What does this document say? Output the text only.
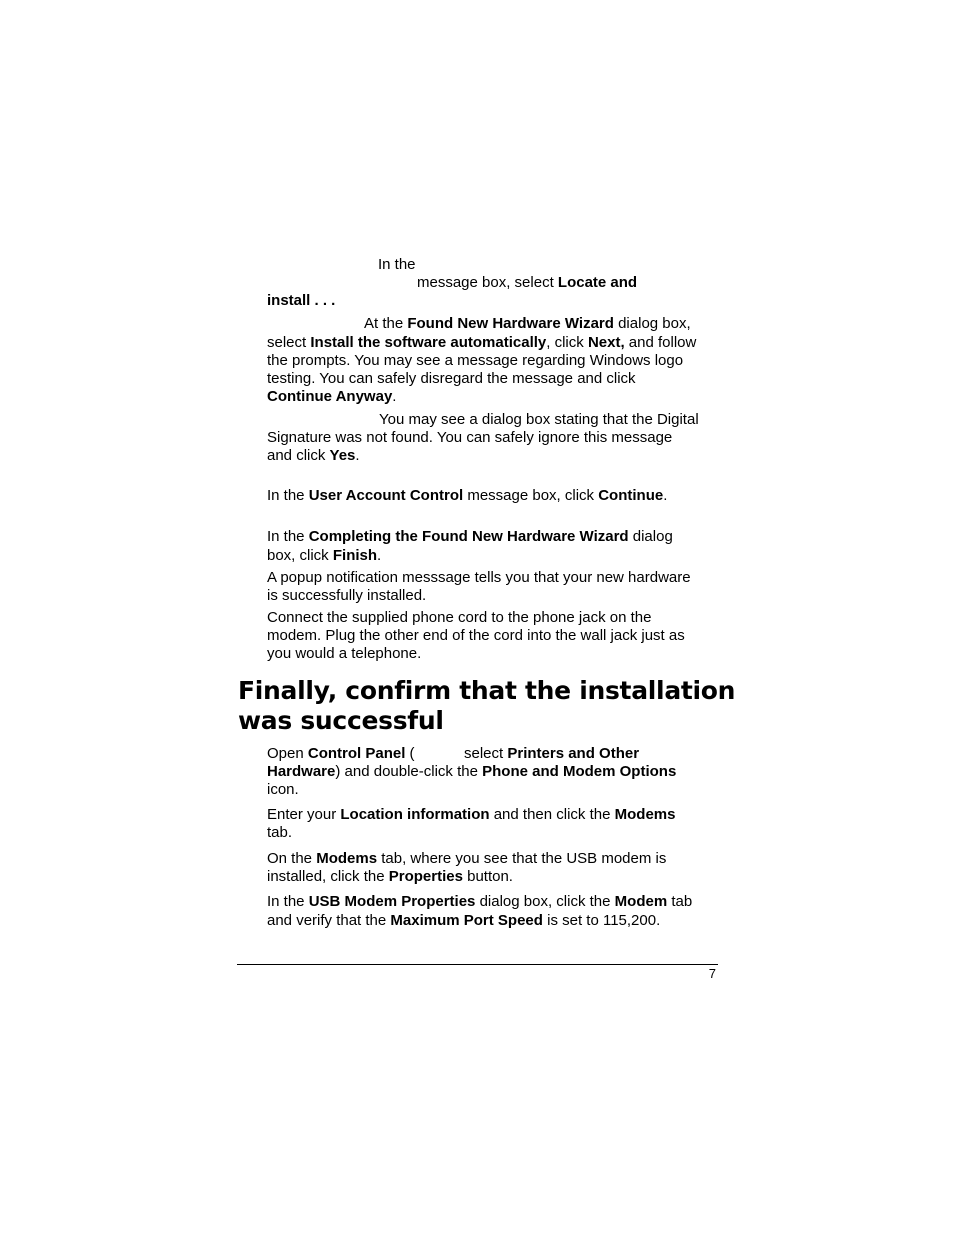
In the

message box, select Locate and

install . . .

At the Found New Hardware Wizard dialog box,

select Install the software automatically, click Next, and follow

the prompts. You may see a message regarding Windows logo

testing. You can safely disregard the message and click

Continue Anyway.

You may see a dialog box stating that the Digital

Signature was not found. You can safely ignore this message

and click Yes.

In the User Account Control message box, click Continue.

In the Completing the Found New Hardware Wizard dialog

box, click Finish.

A popup notification messsage tells you that your new hardware

is successfully installed.

Connect the supplied phone cord to the phone jack on the

modem. Plug the other end of the cord into the wall jack just as

you would a telephone.

Finally, confirm that the installation
was successful

Open Control Panel (	select Printers and Other

Hardware) and double-click the Phone and Modem Options

icon.

Enter your Location information and then click the Modems

tab.

On the Modems tab, where you see that the USB modem is

installed, click the Properties button.

In the USB Modem Properties dialog box, click the Modem tab

and verify that the Maximum Port Speed is set to 115,200.

7
